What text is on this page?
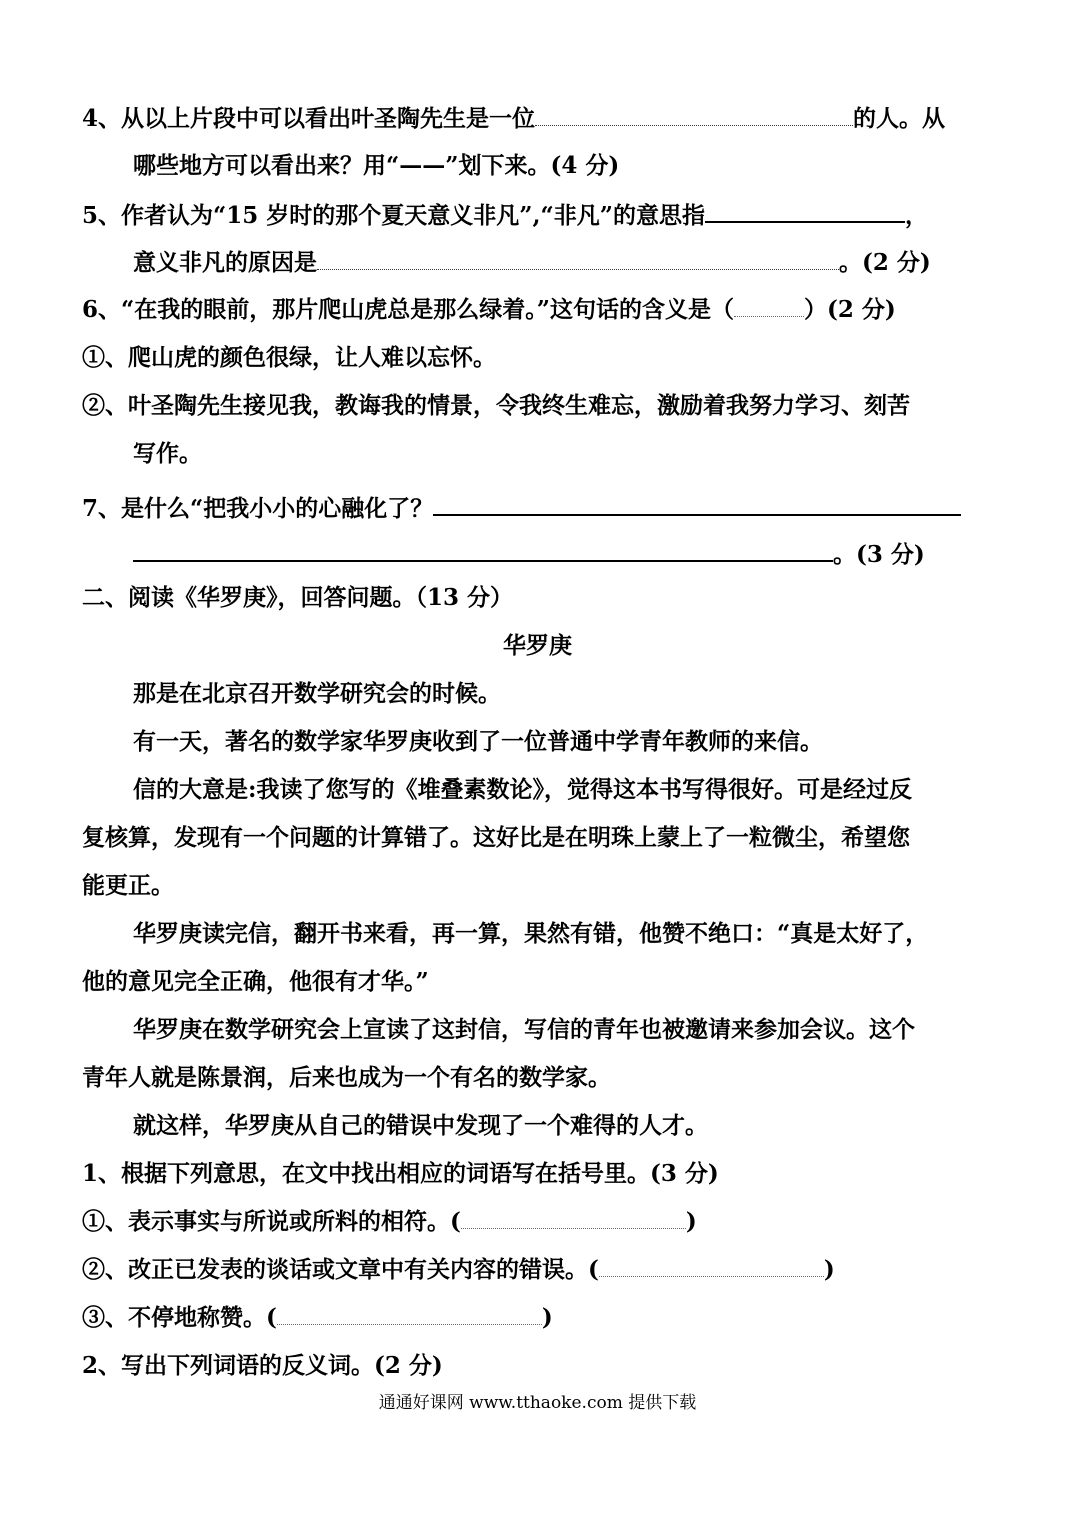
4、从以上片段中可以看出叶圣陶先生是一位	的人。从
哪些地方可以看出来？用“——”划下来。(4 分)
5、作者认为“15 岁时的那个夏天意义非凡”,“非凡”的意思指	，
意义非凡的原因是	。(2 分)
6、“在我的眼前，那片爬山虎总是那么绿着。”这句话的含义是（	）(2 分)
①、爬山虎的颜色很绿，让人难以忘怀。
②、叶圣陶先生接见我，教诲我的情景，令我终生难忘，激励着我努力学习、刻苦
写作。
7、是什么“把我小小的心融化了？
。(3 分)
二、阅读《华罗庚》，回答问题。（13 分）
华罗庚
那是在北京召开数学研究会的时候。
有一天，著名的数学家华罗庚收到了一位普通中学青年教师的来信。
信的大意是:我读了您写的《堆叠素数论》，觉得这本书写得很好。可是经过反
复核算，发现有一个问题的计算错了。这好比是在明珠上蒙上了一粒微尘，希望您
能更正。
华罗庚读完信，翻开书来看，再一算，果然有错，他赞不绝口：“真是太好了，
他的意见完全正确，他很有才华。”
华罗庚在数学研究会上宣读了这封信，写信的青年也被邀请来参加会议。这个
青年人就是陈景润，后来也成为一个有名的数学家。
就这样，华罗庚从自己的错误中发现了一个难得的人才。
1、根据下列意思，在文中找出相应的词语写在括号里。(3 分)
①、表示事实与所说或所料的相符。(	)
②、改正已发表的谈话或文章中有关内容的错误。(	)
③、不停地称赞。(	)
2、写出下列词语的反义词。(2 分)
通通好课网 www.tthaoke.com 提供下载
